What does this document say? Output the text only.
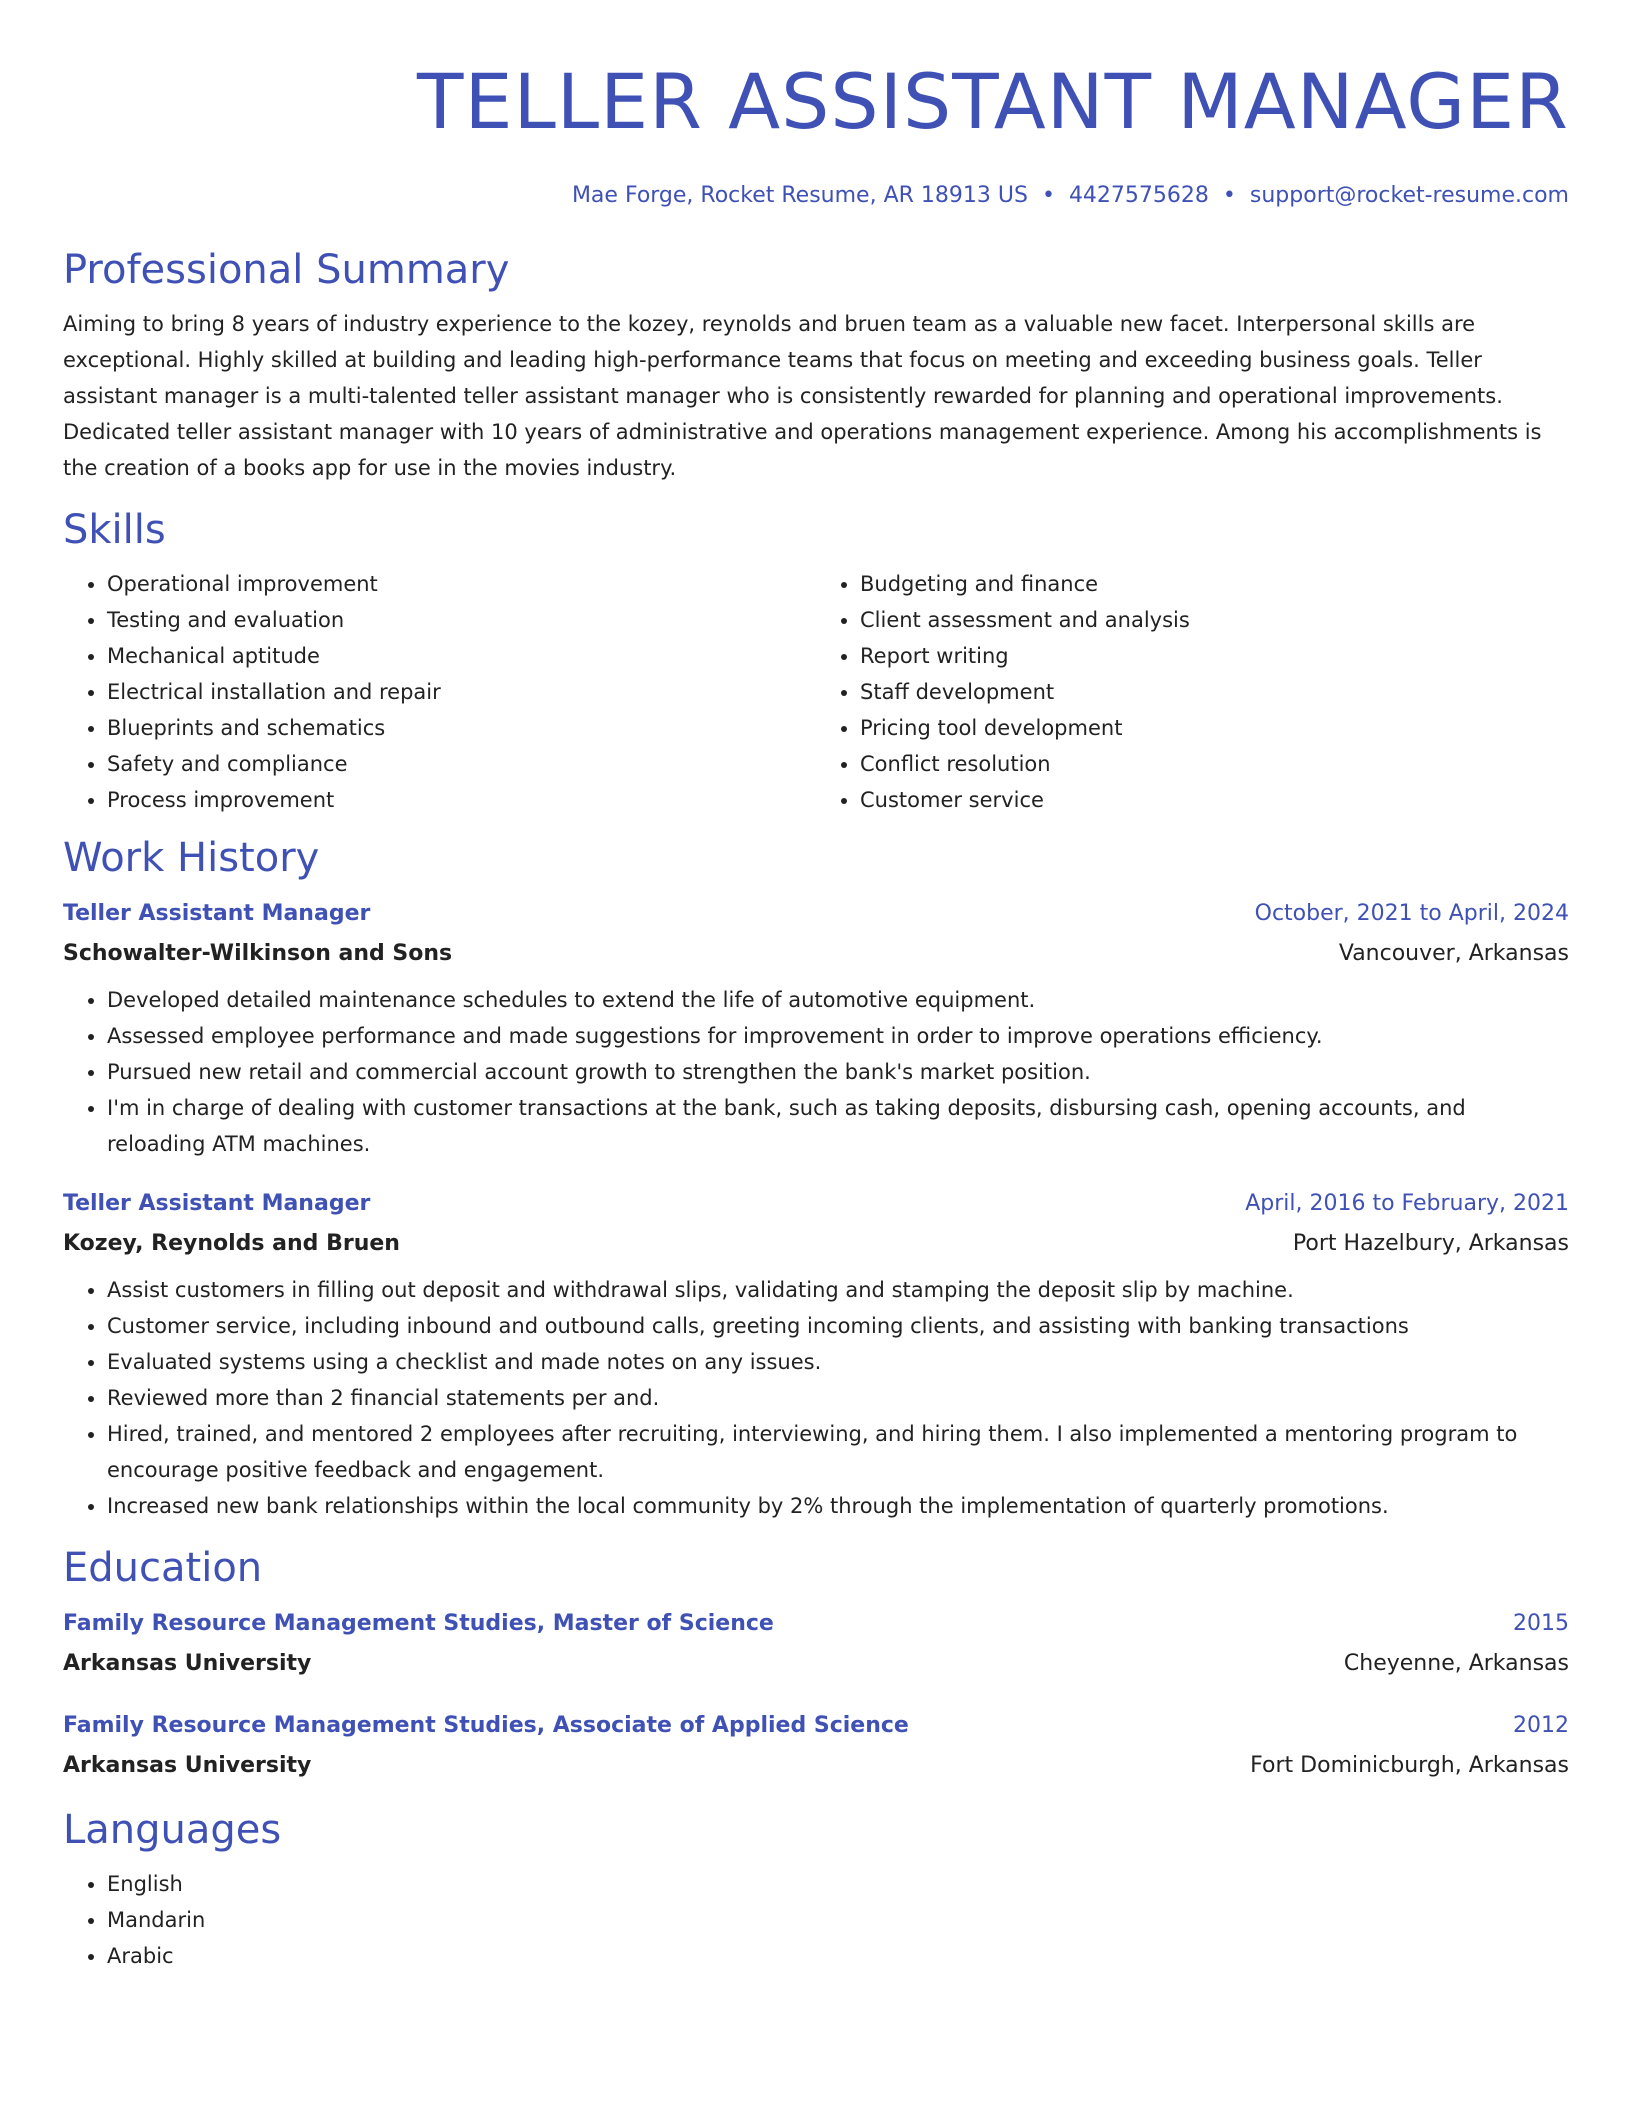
TELLER ASSISTANT MANAGER
Mae Forge, Rocket Resume, AR 18913 US • 4427575628 • support@rocket-resume.com
Professional Summary
Aiming to bring 8 years of industry experience to the kozey, reynolds and bruen team as a valuable new facet. Interpersonal skills are exceptional. Highly skilled at building and leading high-performance teams that focus on meeting and exceeding business goals. Teller assistant manager is a multi-talented teller assistant manager who is consistently rewarded for planning and operational improvements. Dedicated teller assistant manager with 10 years of administrative and operations management experience. Among his accomplishments is the creation of a books app for use in the movies industry.
Skills
• Operational improvement
• Testing and evaluation
• Mechanical aptitude
• Electrical installation and repair
• Blueprints and schematics
• Safety and compliance
• Process improvement
• Budgeting and finance
• Client assessment and analysis
• Report writing
• Staff development
• Pricing tool development
• Conflict resolution
• Customer service
Work History
Teller Assistant Manager	October, 2021 to April, 2024
Schowalter-Wilkinson and Sons	Vancouver, Arkansas
• Developed detailed maintenance schedules to extend the life of automotive equipment.
• Assessed employee performance and made suggestions for improvement in order to improve operations efficiency.
• Pursued new retail and commercial account growth to strengthen the bank's market position.
• I'm in charge of dealing with customer transactions at the bank, such as taking deposits, disbursing cash, opening accounts, and reloading ATM machines.
Teller Assistant Manager	April, 2016 to February, 2021
Kozey, Reynolds and Bruen	Port Hazelbury, Arkansas
• Assist customers in filling out deposit and withdrawal slips, validating and stamping the deposit slip by machine.
• Customer service, including inbound and outbound calls, greeting incoming clients, and assisting with banking transactions
• Evaluated systems using a checklist and made notes on any issues.
• Reviewed more than 2 financial statements per and.
• Hired, trained, and mentored 2 employees after recruiting, interviewing, and hiring them. I also implemented a mentoring program to encourage positive feedback and engagement.
• Increased new bank relationships within the local community by 2% through the implementation of quarterly promotions.
Education
Family Resource Management Studies, Master of Science	2015
Arkansas University	Cheyenne, Arkansas
Family Resource Management Studies, Associate of Applied Science	2012
Arkansas University	Fort Dominicburgh, Arkansas
Languages
• English
• Mandarin
• Arabic
